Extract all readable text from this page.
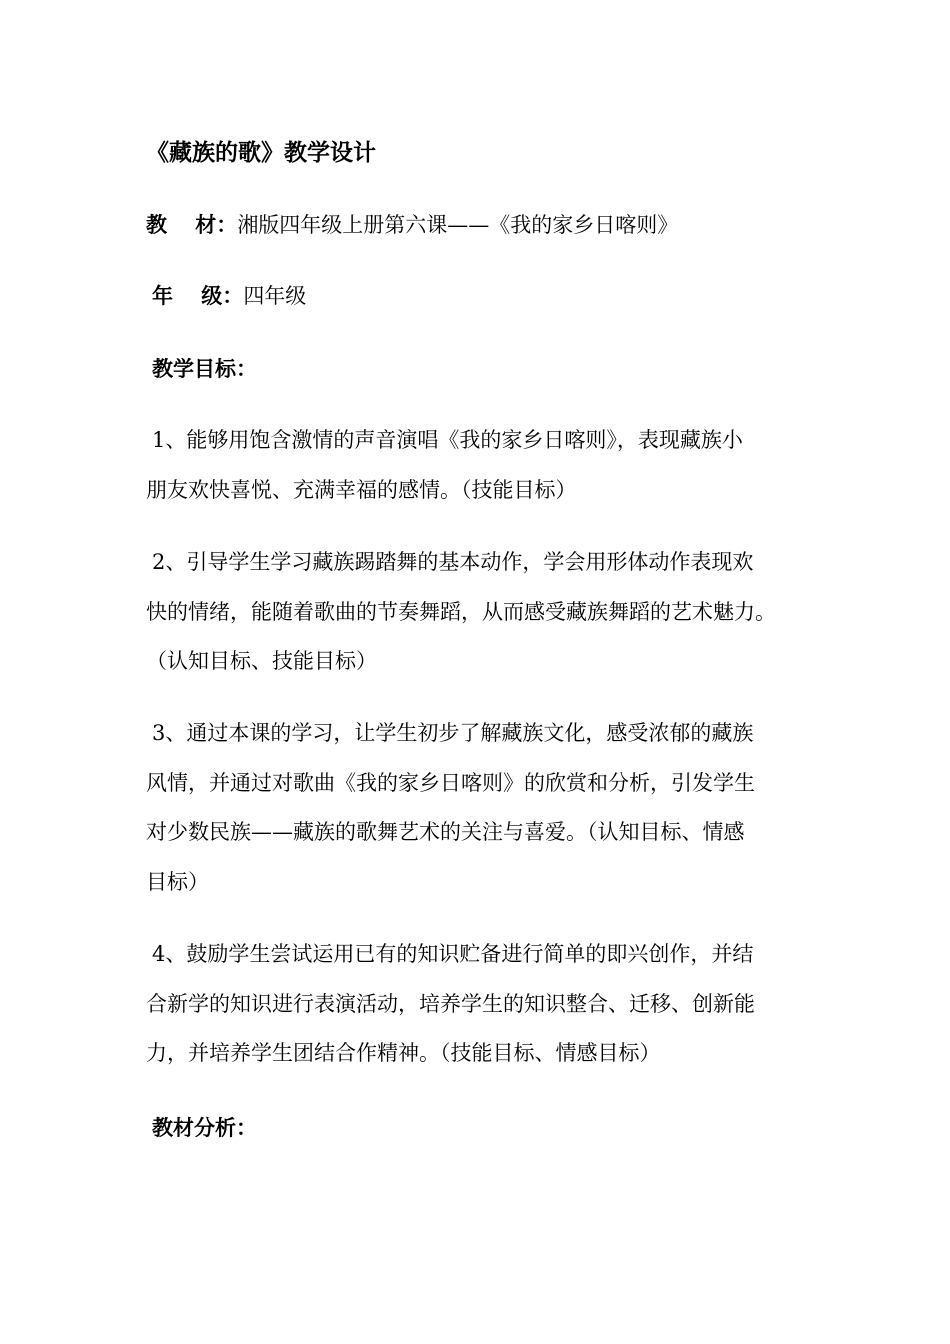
《藏族的歌》教学设计
教　 材：湘版四年级上册第六课——《我的家乡日喀则》
年　 级：四年级
教学目标：
1、能够用饱含激情的声音演唱《我的家乡日喀则》，表现藏族小
朋友欢快喜悦、充满幸福的感情。（技能目标）
2、引导学生学习藏族踢踏舞的基本动作，学会用形体动作表现欢
快的情绪，能随着歌曲的节奏舞蹈，从而感受藏族舞蹈的艺术魅力。
（认知目标、技能目标）
3、通过本课的学习，让学生初步了解藏族文化，感受浓郁的藏族
风情，并通过对歌曲《我的家乡日喀则》的欣赏和分析，引发学生
对少数民族——藏族的歌舞艺术的关注与喜爱。（认知目标、情感
目标）
4、鼓励学生尝试运用已有的知识贮备进行简单的即兴创作，并结
合新学的知识进行表演活动，培养学生的知识整合、迁移、创新能
力，并培养学生团结合作精神。（技能目标、情感目标）
教材分析：
